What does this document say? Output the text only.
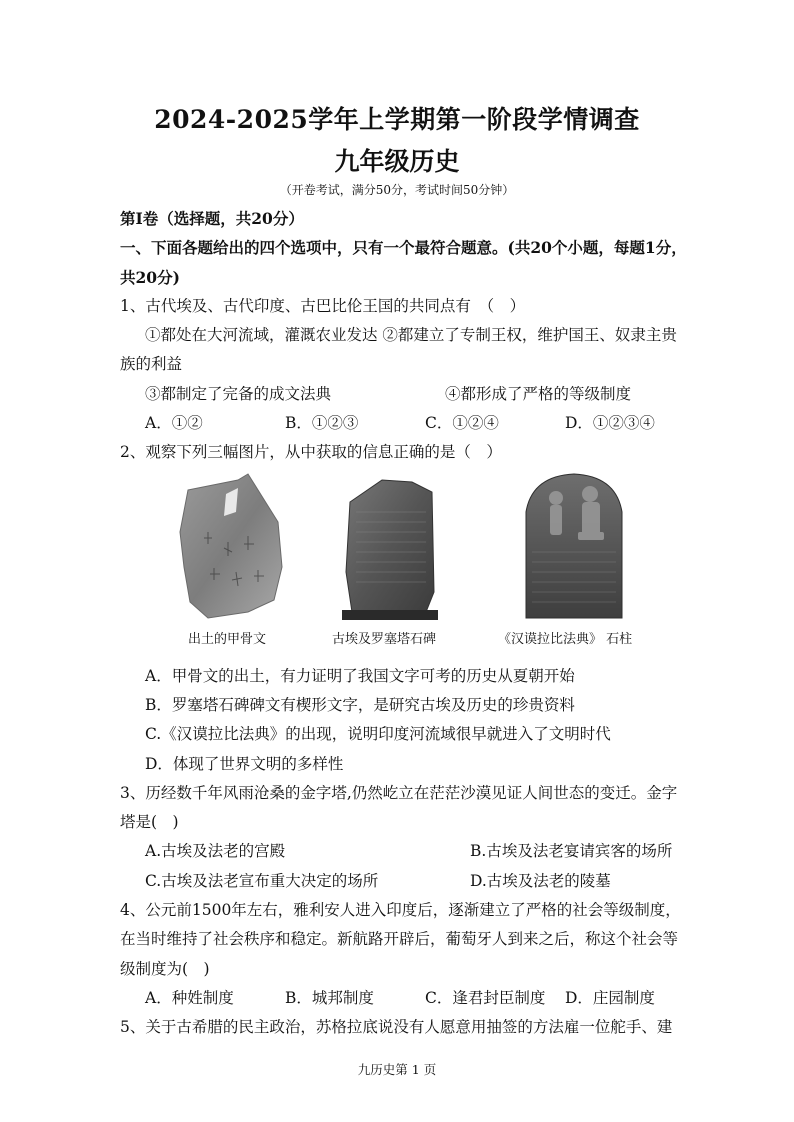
2024-2025学年上学期第一阶段学情调查
九年级历史
（开卷考试，满分50分，考试时间50分钟）
第Ⅰ卷（选择题，共20分）
一、下面各题给出的四个选项中，只有一个最符合题意。(共20个小题，每题1分，
共20分)
1、古代埃及、古代印度、古巴比伦王国的共同点有　（　）
①都处在大河流域，灌溉农业发达 ②都建立了专制王权，维护国王、奴隶主贵
族的利益
③都制定了完备的成文法典	④都形成了严格的等级制度
A．①②	B．①②③	C．①②④	D．①②③④
2、观察下列三幅图片，从中获取的信息正确的是（　）
出土的甲骨文	古埃及罗塞塔石碑	《汉谟拉比法典》 石柱
A．甲骨文的出土，有力证明了我国文字可考的历史从夏朝开始
B．罗塞塔石碑碑文有楔形文字，是研究古埃及历史的珍贵资料
C.《汉谟拉比法典》的出现，说明印度河流域很早就进入了文明时代
D．体现了世界文明的多样性
3、历经数千年风雨沧桑的金字塔,仍然屹立在茫茫沙漠见证人间世态的变迁。金字
塔是(　)
A.古埃及法老的宫殿	B.古埃及法老宴请宾客的场所
C.古埃及法老宣布重大决定的场所	D.古埃及法老的陵墓
4、公元前1500年左右，雅利安人进入印度后，逐渐建立了严格的社会等级制度，
在当时维持了社会秩序和稳定。新航路开辟后，葡萄牙人到来之后，称这个社会等
级制度为(　)
A．种姓制度	B．城邦制度	C．逢君封臣制度	D．庄园制度
5、关于古希腊的民主政治，苏格拉底说没有人愿意用抽签的方法雇一位舵手、建
九历史第 1 页
